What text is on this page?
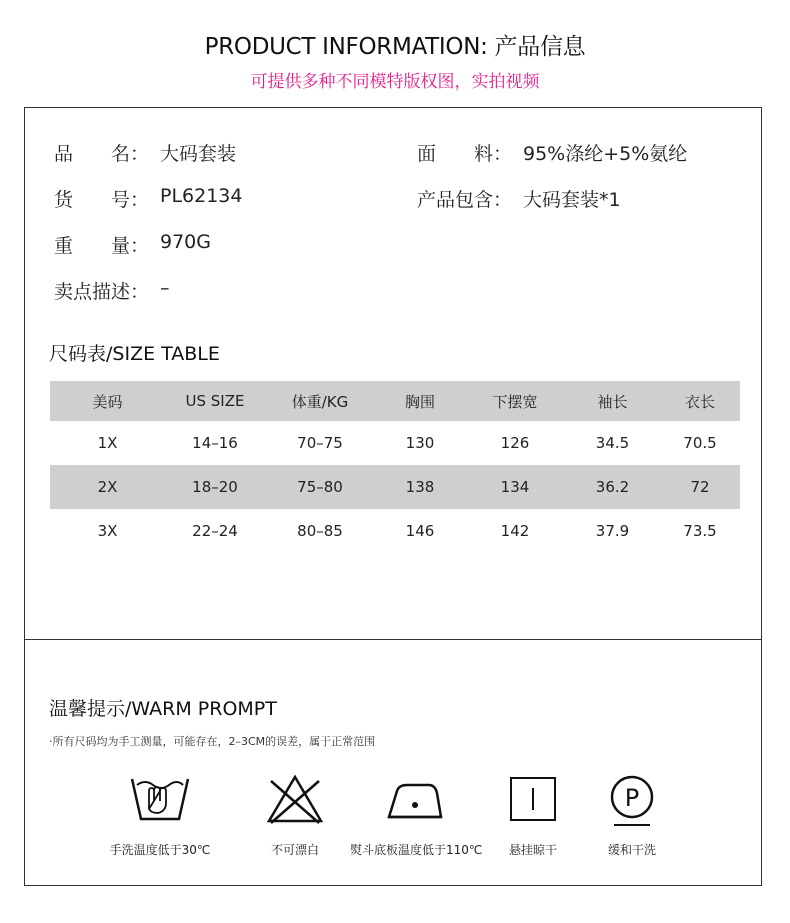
PRODUCT INFORMATION: 产品信息
可提供多种不同模特版权图，实拍视频
品　　名： 大码套装	面　　料： 95%涤纶+5%氨纶
货　　号： PL62134	产品包含： 大码套装*1
重　　量： 970G
卖点描述： –
尺码表/SIZE TABLE
美码	US SIZE	体重/KG	胸围	下摆宽	袖长	衣长
1X	14–16	70–75	130	126	34.5	70.5
2X	18–20	75–80	138	134	36.2	72
3X	22–24	80–85	146	142	37.9	73.5
温馨提示/WARM PROMPT
·所有尺码均为手工测量，可能存在，2–3CM的误差，属于正常范围
手洗温度低于30℃	不可漂白	熨斗底板温度低于110℃	悬挂晾干
P
缓和干洗
